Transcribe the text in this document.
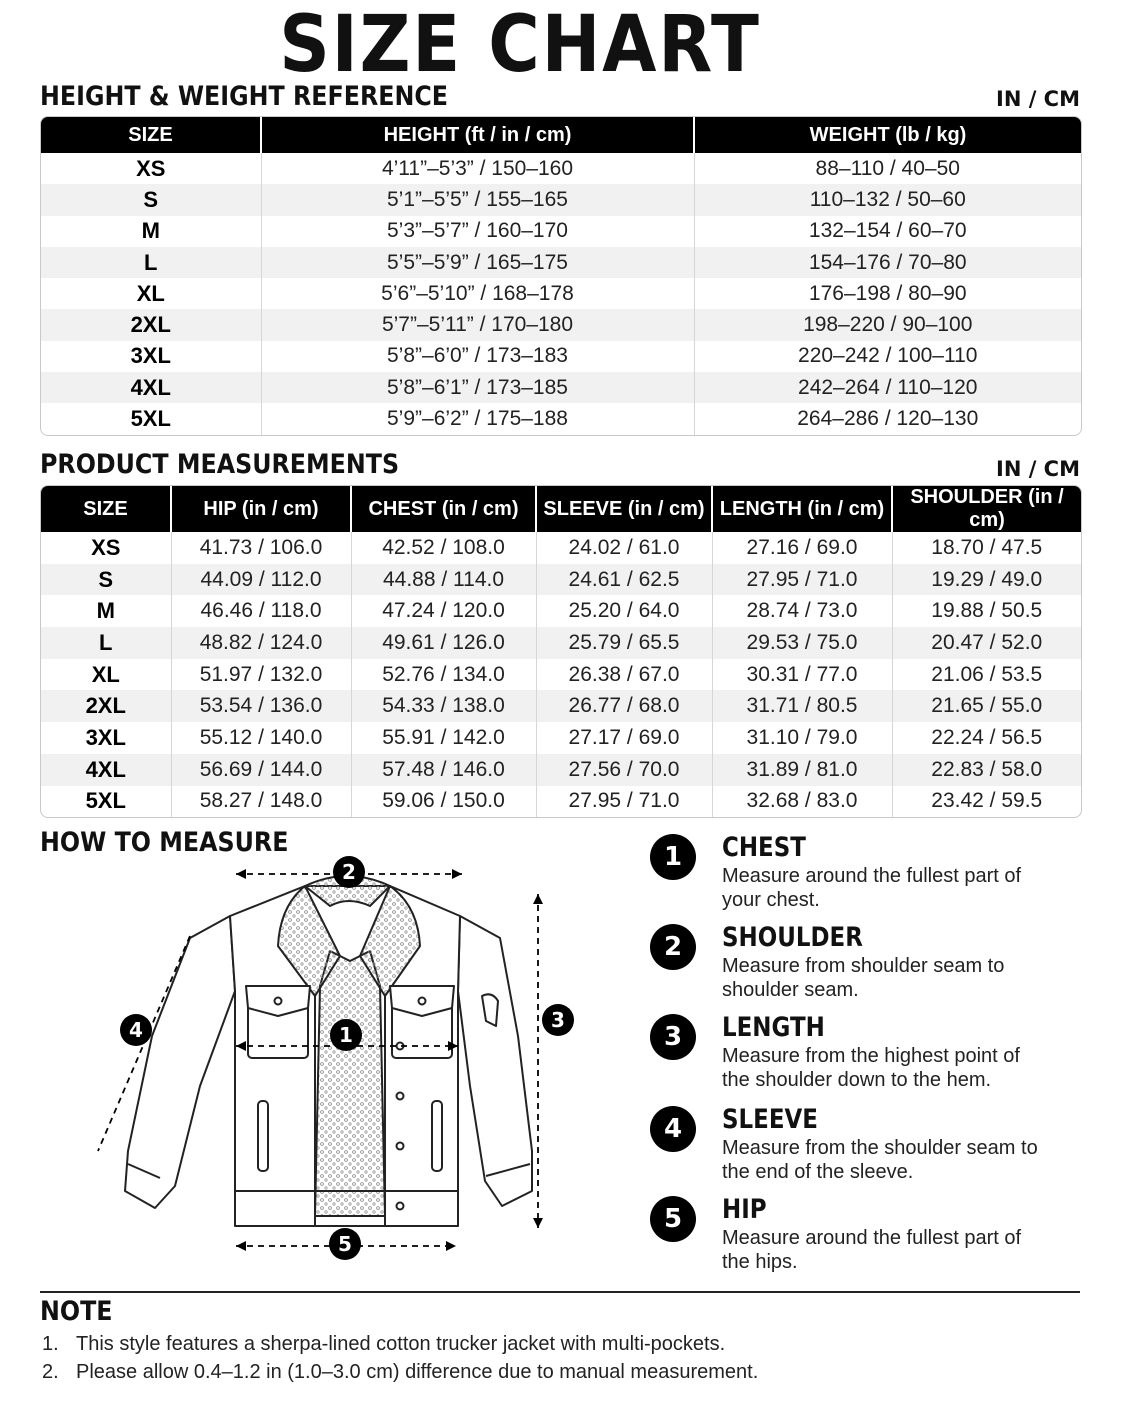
SIZE CHART
HEIGHT & WEIGHT REFERENCE	IN / CM
SIZE	HEIGHT (ft / in / cm)	WEIGHT (lb / kg)
XS	4’11”–5’3” / 150–160	88–110 / 40–50
S	5’1”–5’5” / 155–165	110–132 / 50–60
M	5’3”–5’7” / 160–170	132–154 / 60–70
L	5’5”–5’9” / 165–175	154–176 / 70–80
XL	5’6”–5’10” / 168–178	176–198 / 80–90
2XL	5’7”–5’11” / 170–180	198–220 / 90–100
3XL	5’8”–6’0” / 173–183	220–242 / 100–110
4XL	5’8”–6’1” / 173–185	242–264 / 110–120
5XL	5’9”–6’2” / 175–188	264–286 / 120–130
PRODUCT MEASUREMENTS	IN / CM
SIZE	HIP (in / cm)	CHEST (in / cm)	SLEEVE (in / cm)	LENGTH (in / cm)	SHOULDER (in / cm)
XS	41.73 / 106.0	42.52 / 108.0	24.02 / 61.0	27.16 / 69.0	18.70 / 47.5
S	44.09 / 112.0	44.88 / 114.0	24.61 / 62.5	27.95 / 71.0	19.29 / 49.0
M	46.46 / 118.0	47.24 / 120.0	25.20 / 64.0	28.74 / 73.0	19.88 / 50.5
L	48.82 / 124.0	49.61 / 126.0	25.79 / 65.5	29.53 / 75.0	20.47 / 52.0
XL	51.97 / 132.0	52.76 / 134.0	26.38 / 67.0	30.31 / 77.0	21.06 / 53.5
2XL	53.54 / 136.0	54.33 / 138.0	26.77 / 68.0	31.71 / 80.5	21.65 / 55.0
3XL	55.12 / 140.0	55.91 / 142.0	27.17 / 69.0	31.10 / 79.0	22.24 / 56.5
4XL	56.69 / 144.0	57.48 / 146.0	27.56 / 70.0	31.89 / 81.0	22.83 / 58.0
5XL	58.27 / 148.0	59.06 / 150.0	27.95 / 71.0	32.68 / 83.0	23.42 / 59.5
HOW TO MEASURE
2
3
4	1
5
1	CHEST
Measure around the fullest part of your chest.
2	SHOULDER
Measure from shoulder seam to shoulder seam.
3	LENGTH
Measure from the highest point of the shoulder down to the hem.
4	SLEEVE
Measure from the shoulder seam to the end of the sleeve.
5	HIP
Measure around the fullest part of the hips.
NOTE
1. This style features a sherpa-lined cotton trucker jacket with multi-pockets.
2. Please allow 0.4–1.2 in (1.0–3.0 cm) difference due to manual measurement.
